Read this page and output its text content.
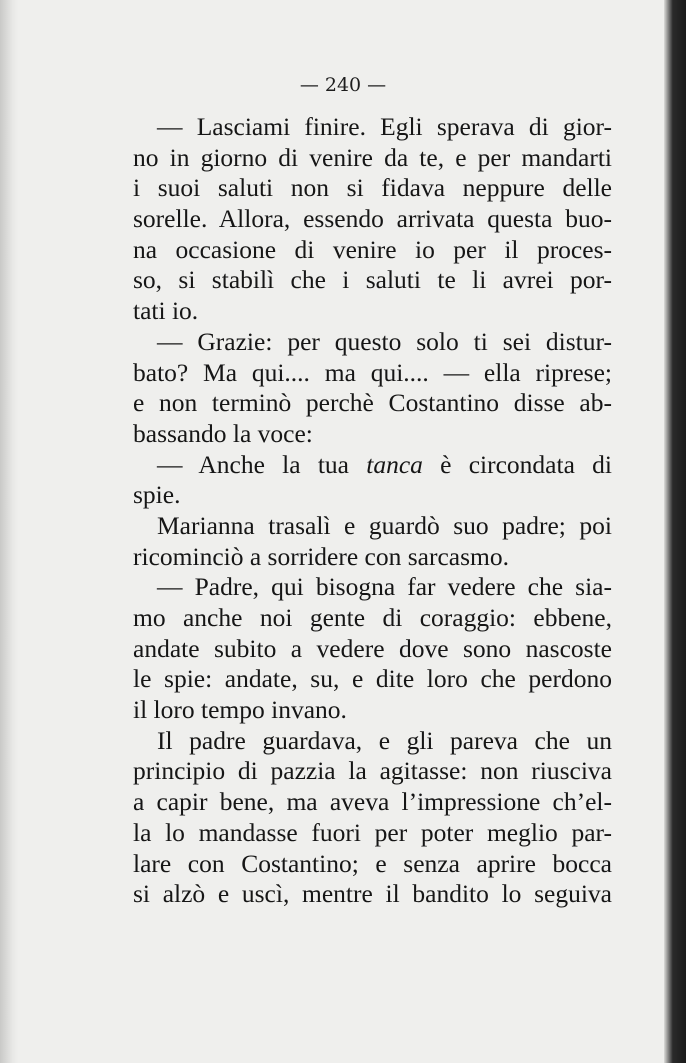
— 240 —
— Lasciami finire. Egli sperava di gior-
no in giorno di venire da te, e per mandarti
i suoi saluti non si fidava neppure delle
sorelle. Allora, essendo arrivata questa buo-
na occasione di venire io per il proces-
so, si stabilì che i saluti te li avrei por-
tati io.
— Grazie: per questo solo ti sei distur-
bato? Ma qui.... ma qui.... — ella riprese;
e non terminò perchè Costantino disse ab-
bassando la voce:
— Anche la tua tanca è circondata di
spie.
Marianna trasalì e guardò suo padre; poi
ricominciò a sorridere con sarcasmo.
— Padre, qui bisogna far vedere che sia-
mo anche noi gente di coraggio: ebbene,
andate subito a vedere dove sono nascoste
le spie: andate, su, e dite loro che perdono
il loro tempo invano.
Il padre guardava, e gli pareva che un
principio di pazzia la agitasse: non riusciva
a capir bene, ma aveva l’impressione ch’el-
la lo mandasse fuori per poter meglio par-
lare con Costantino; e senza aprire bocca
si alzò e uscì, mentre il bandito lo seguiva
